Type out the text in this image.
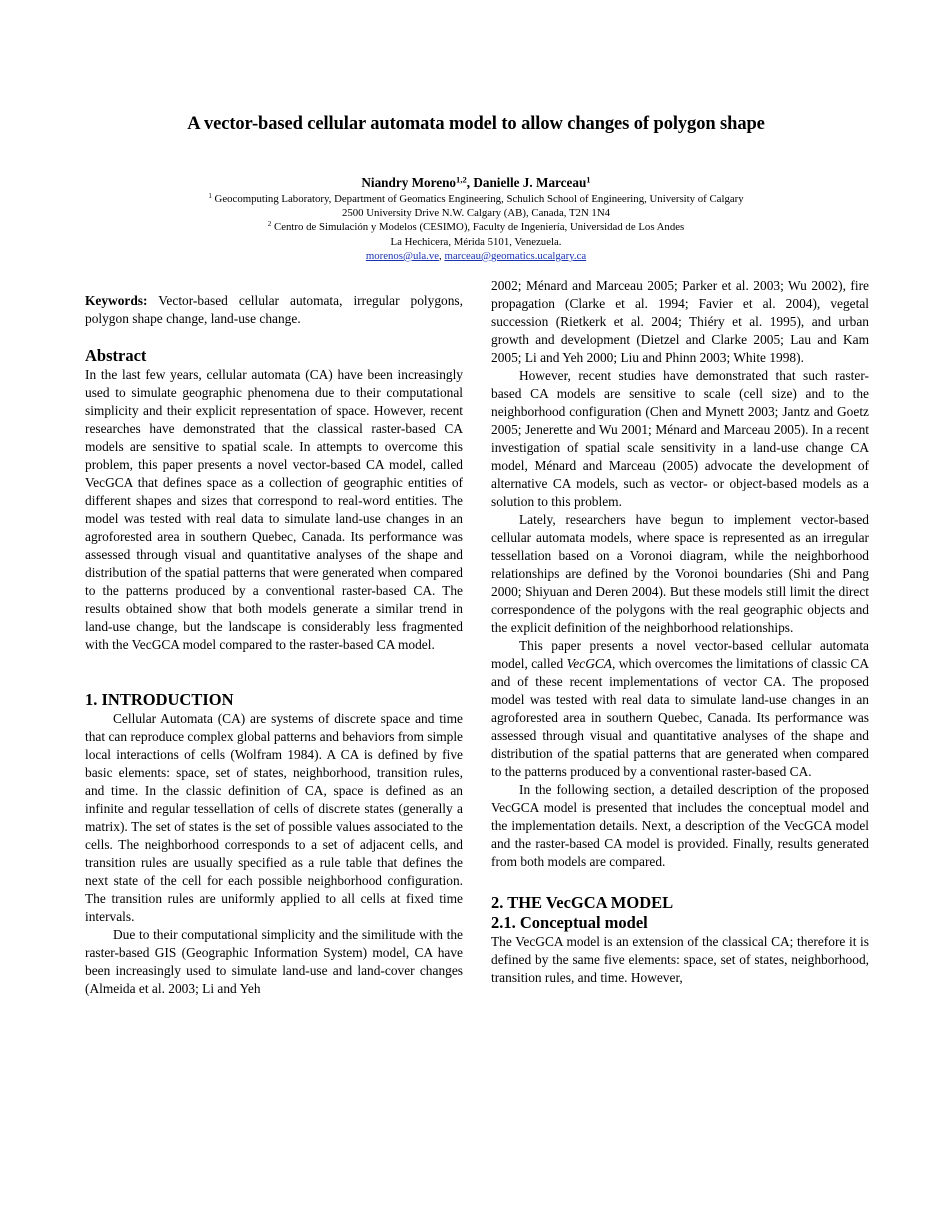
A vector-based cellular automata model to allow changes of polygon shape
Niandry Moreno$^{1,2}$, Danielle J. Marceau$^1$
$^1$ Geocomputing Laboratory, Department of Geomatics Engineering, Schulich School of Engineering, University of Calgary
2500 University Drive N.W. Calgary (AB), Canada, T2N 1N4
$^2$ Centro de Simulación y Modelos (CESIMO), Faculty de Ingeniería, Universidad de Los Andes
La Hechicera, Mérida 5101, Venezuela.
morenos@ula.ve, marceau@geomatics.ucalgary.ca

Keywords: Vector-based cellular automata, irregular polygons, polygon shape change, land-use change.

Abstract

In the last few years, cellular automata (CA) have been increasingly used to simulate geographic phenomena due to their computational simplicity and their explicit representation of space. However, recent researches have demonstrated that the classical raster-based CA models are sensitive to spatial scale. In attempts to overcome this problem, this paper presents a novel vector-based CA model, called VecGCA that defines space as a collection of geographic entities of different shapes and sizes that correspond to real-word entities. The model was tested with real data to simulate land-use changes in an agroforested area in southern Quebec, Canada. Its performance was assessed through visual and quantitative analyses of the shape and distribution of the spatial patterns that were generated when compared to the patterns produced by a conventional raster-based CA. The results obtained show that both models generate a similar trend in land-use change, but the landscape is considerably less fragmented with the VecGCA model compared to the raster-based CA model.

1. INTRODUCTION

Cellular Automata (CA) are systems of discrete space and time that can reproduce complex global patterns and behaviors from simple local interactions of cells (Wolfram 1984). A CA is defined by five basic elements: space, set of states, neighborhood, transition rules, and time. In the classic definition of CA, space is defined as an infinite and regular tessellation of cells of discrete states (generally a matrix). The set of states is the set of possible values associated to the cells. The neighborhood corresponds to a set of adjacent cells, and transition rules are usually specified as a rule table that defines the next state of the cell for each possible neighborhood configuration. The transition rules are uniformly applied to all cells at fixed time intervals.

Due to their computational simplicity and the similitude with the raster-based GIS (Geographic Information System) model, CA have been increasingly used to simulate land-use and land-cover changes (Almeida et al. 2003; Li and Yeh

2002; Ménard and Marceau 2005; Parker et al. 2003; Wu 2002), fire propagation (Clarke et al. 1994; Favier et al. 2004), vegetal succession (Rietkerk et al. 2004; Thiéry et al. 1995), and urban growth and development (Dietzel and Clarke 2005; Lau and Kam 2005; Li and Yeh 2000; Liu and Phinn 2003; White 1998).

However, recent studies have demonstrated that such raster-based CA models are sensitive to scale (cell size) and to the neighborhood configuration (Chen and Mynett 2003; Jantz and Goetz 2005; Jenerette and Wu 2001; Ménard and Marceau 2005). In a recent investigation of spatial scale sensitivity in a land-use change CA model, Ménard and Marceau (2005) advocate the development of alternative CA models, such as vector- or object-based models as a solution to this problem.

Lately, researchers have begun to implement vector-based cellular automata models, where space is represented as an irregular tessellation based on a Voronoi diagram, while the neighborhood relationships are defined by the Voronoi boundaries (Shi and Pang 2000; Shiyuan and Deren 2004). But these models still limit the direct correspondence of the polygons with the real geographic objects and the explicit definition of the neighborhood relationships.

This paper presents a novel vector-based cellular automata model, called VecGCA, which overcomes the limitations of classic CA and of these recent implementations of vector CA. The proposed model was tested with real data to simulate land-use changes in an agroforested area in southern Quebec, Canada. Its performance was assessed through visual and quantitative analyses of the shape and distribution of the spatial patterns that are generated when compared to the patterns produced by a conventional raster-based CA.

In the following section, a detailed description of the proposed VecGCA model is presented that includes the conceptual model and the implementation details. Next, a description of the VecGCA model and the raster-based CA model is provided. Finally, results generated from both models are compared.

2. THE VecGCA MODEL
2.1. Conceptual model

The VecGCA model is an extension of the classical CA; therefore it is defined by the same five elements: space, set of states, neighborhood, transition rules, and time. However,
